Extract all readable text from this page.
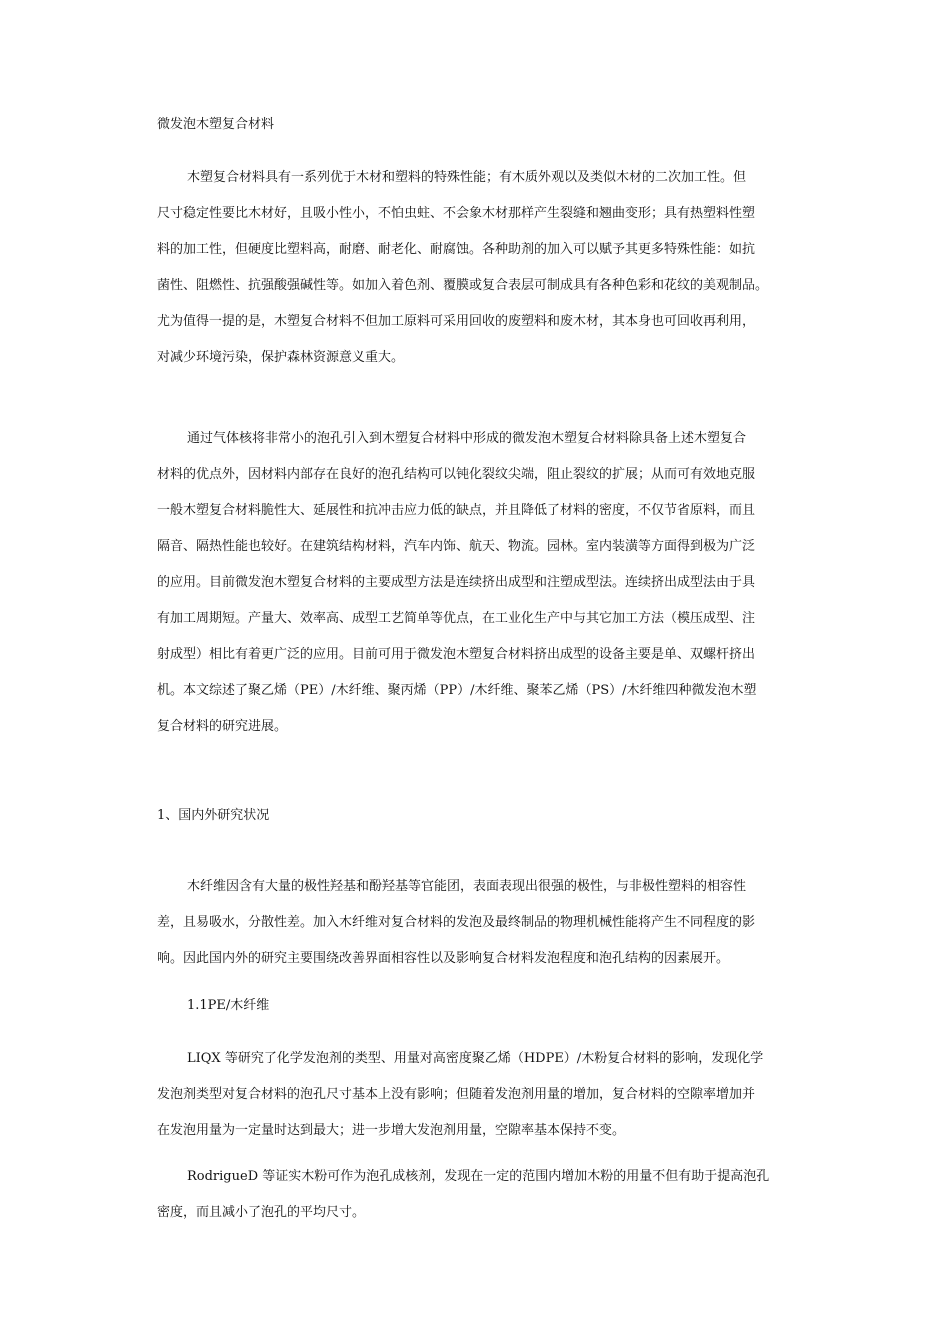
微发泡木塑复合材料
木塑复合材料具有一系列优于木材和塑料的特殊性能；有木质外观以及类似木材的二次加工性。但
尺寸稳定性要比木材好，且吸小性小，不怕虫蛀、不会象木材那样产生裂缝和翘曲变形；具有热塑料性塑
料的加工性，但硬度比塑料高，耐磨、耐老化、耐腐蚀。各种助剂的加入可以赋予其更多特殊性能：如抗
菌性、阻燃性、抗强酸强碱性等。如加入着色剂、覆膜或复合表层可制成具有各种色彩和花纹的美观制品。
尤为值得一提的是，木塑复合材料不但加工原料可采用回收的废塑料和废木材，其本身也可回收再利用，
对减少环境污染，保护森林资源意义重大。
通过气体核将非常小的泡孔引入到木塑复合材料中形成的微发泡木塑复合材料除具备上述木塑复合
材料的优点外，因材料内部存在良好的泡孔结构可以钝化裂纹尖端，阻止裂纹的扩展；从而可有效地克服
一般木塑复合材料脆性大、延展性和抗冲击应力低的缺点，并且降低了材料的密度，不仅节省原料，而且
隔音、隔热性能也较好。在建筑结构材料，汽车内饰、航天、物流。园林。室内装潢等方面得到极为广泛
的应用。目前微发泡木塑复合材料的主要成型方法是连续挤出成型和注塑成型法。连续挤出成型法由于具
有加工周期短。产量大、效率高、成型工艺简单等优点，在工业化生产中与其它加工方法（模压成型、注
射成型）相比有着更广泛的应用。目前可用于微发泡木塑复合材料挤出成型的设备主要是单、双螺杆挤出
机。本文综述了聚乙烯（PE）/木纤维、聚丙烯（PP）/木纤维、聚苯乙烯（PS）/木纤维四种微发泡木塑
复合材料的研究进展。
1、国内外研究状况
木纤维因含有大量的极性羟基和酚羟基等官能团，表面表现出很强的极性，与非极性塑料的相容性
差，且易吸水，分散性差。加入木纤维对复合材料的发泡及最终制品的物理机械性能将产生不同程度的影
响。因此国内外的研究主要围绕改善界面相容性以及影响复合材料发泡程度和泡孔结构的因素展开。
1.1PE/木纤维
LIQX 等研究了化学发泡剂的类型、用量对高密度聚乙烯（HDPE）/木粉复合材料的影响，发现化学
发泡剂类型对复合材料的泡孔尺寸基本上没有影响；但随着发泡剂用量的增加，复合材料的空隙率增加并
在发泡用量为一定量时达到最大；进一步增大发泡剂用量，空隙率基本保持不变。
RodrigueD 等证实木粉可作为泡孔成核剂，发现在一定的范围内增加木粉的用量不但有助于提高泡孔
密度，而且减小了泡孔的平均尺寸。
